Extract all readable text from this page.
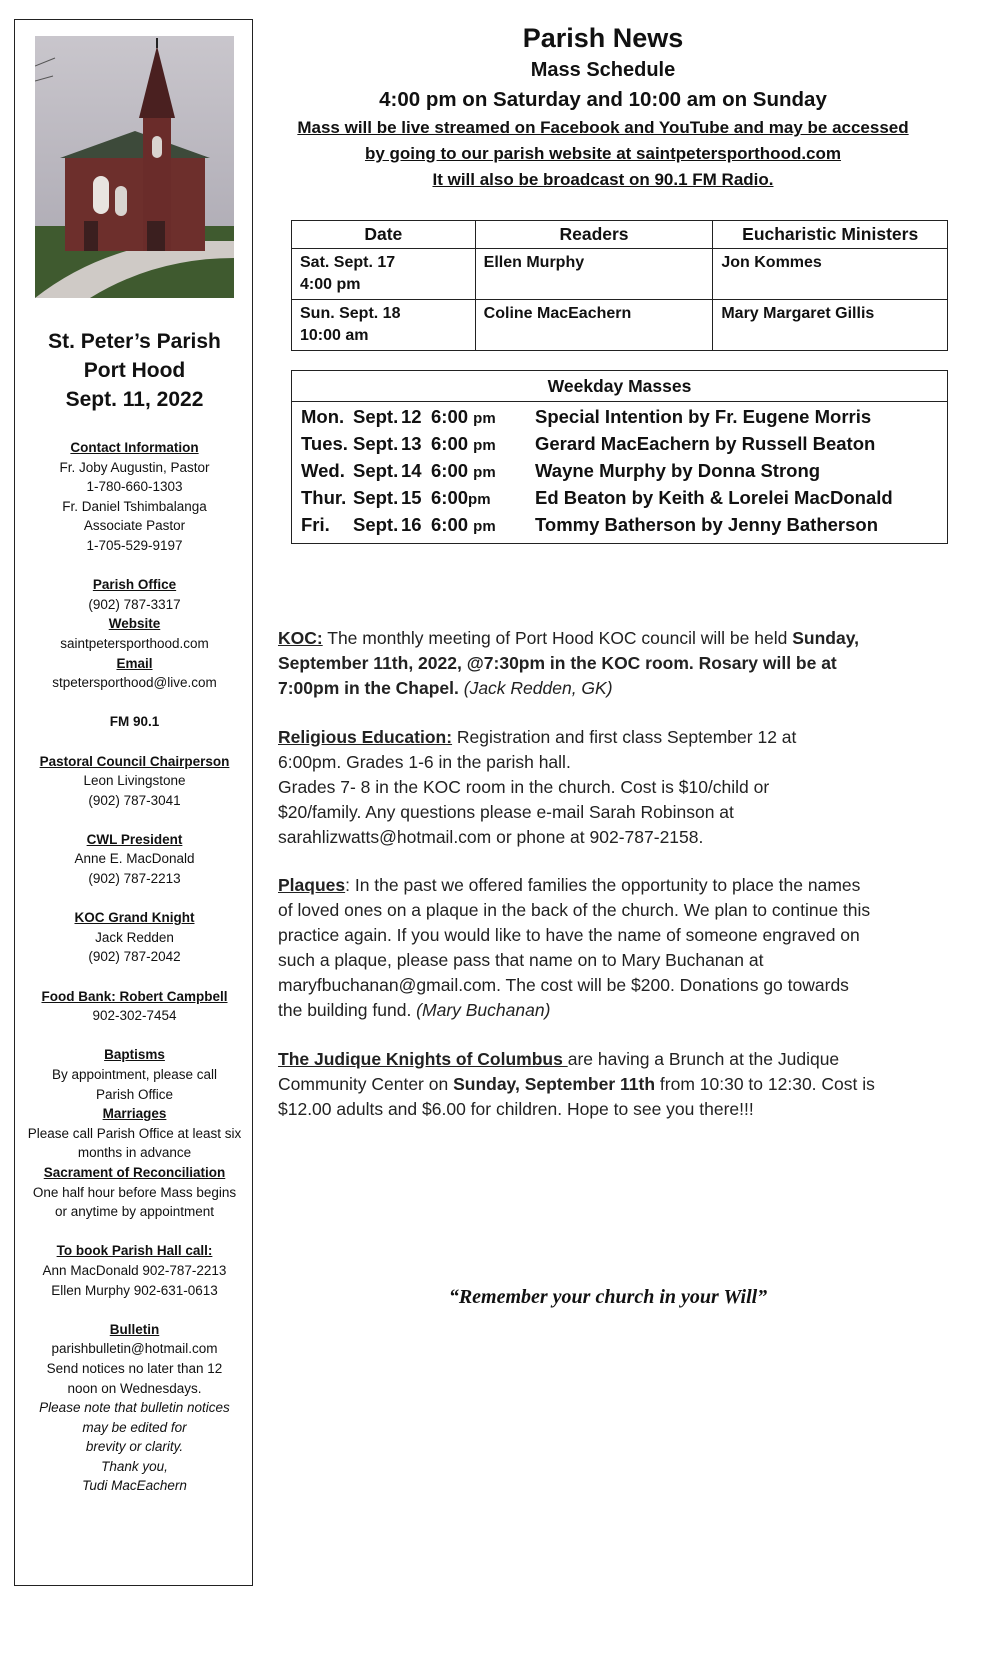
St. Peter’s Parish
Port Hood
Sept. 11, 2022
Contact Information
Fr. Joby Augustin, Pastor
1-780-660-1303
Fr. Daniel Tshimbalanga
Associate Pastor
1-705-529-9197
Parish Office
(902) 787-3317
Website
saintpetersporthood.com
Email
stpetersporthood@live.com
FM 90.1
Pastoral Council Chairperson
Leon Livingstone
(902) 787-3041
CWL President
Anne E. MacDonald
(902) 787-2213
KOC Grand Knight
Jack Redden
(902) 787-2042
Food Bank: Robert Campbell
902-302-7454
Baptisms
By appointment, please call
Parish Office
Marriages
Please call Parish Office at least six
months in advance
Sacrament of Reconciliation
One half hour before Mass begins
or anytime by appointment
To book Parish Hall call:
Ann MacDonald 902-787-2213
Ellen Murphy 902-631-0613
Bulletin
parishbulletin@hotmail.com
Send notices no later than 12
noon on Wednesdays.
Please note that bulletin notices
may be edited for
brevity or clarity.
Thank you,
Tudi MacEachern
Parish News
Mass Schedule
4:00 pm on Saturday and 10:00 am on Sunday
Mass will be live streamed on Facebook and YouTube and may be accessed
by going to our parish website at saintpetersporthood.com
It will also be broadcast on 90.1 FM Radio.
Date	Readers	Eucharistic Ministers

Sat. Sept. 17
4:00 pm	Ellen Murphy	Jon Kommes

Sun. Sept. 18
10:00 am	Coline MacEachern	Mary Margaret Gillis
Weekday Masses

Mon. Sept. 12 6:00 pm	Special Intention by Fr. Eugene Morris
Tues. Sept. 13 6:00 pm	Gerard MacEachern by Russell Beaton
Wed. Sept. 14 6:00 pm	Wayne Murphy by Donna Strong
Thur. Sept. 15 6:00pm	Ed Beaton by Keith & Lorelei MacDonald
Fri.	Sept. 16 6:00 pm	Tommy Batherson by Jenny Batherson
KOC: The monthly meeting of Port Hood KOC council will be held Sunday,
September 11th, 2022, @7:30pm in the KOC room. Rosary will be at
7:00pm in the Chapel. (Jack Redden, GK)
Religious Education: Registration and first class September 12 at
6:00pm. Grades 1-6 in the parish hall.
Grades 7- 8 in the KOC room in the church. Cost is $10/child or
$20/family. Any questions please e-mail Sarah Robinson at
sarahlizwatts@hotmail.com or phone at 902-787-2158.
Plaques: In the past we offered families the opportunity to place the names
of loved ones on a plaque in the back of the church. We plan to continue this
practice again. If you would like to have the name of someone engraved on
such a plaque, please pass that name on to Mary Buchanan at
maryfbuchanan@gmail.com. The cost will be $200. Donations go towards
the building fund. (Mary Buchanan)
The Judique Knights of Columbus are having a Brunch at the Judique
Community Center on Sunday, September 11th from 10:30 to 12:30. Cost is
$12.00 adults and $6.00 for children. Hope to see you there!!!
“Remember your church in your Will”
